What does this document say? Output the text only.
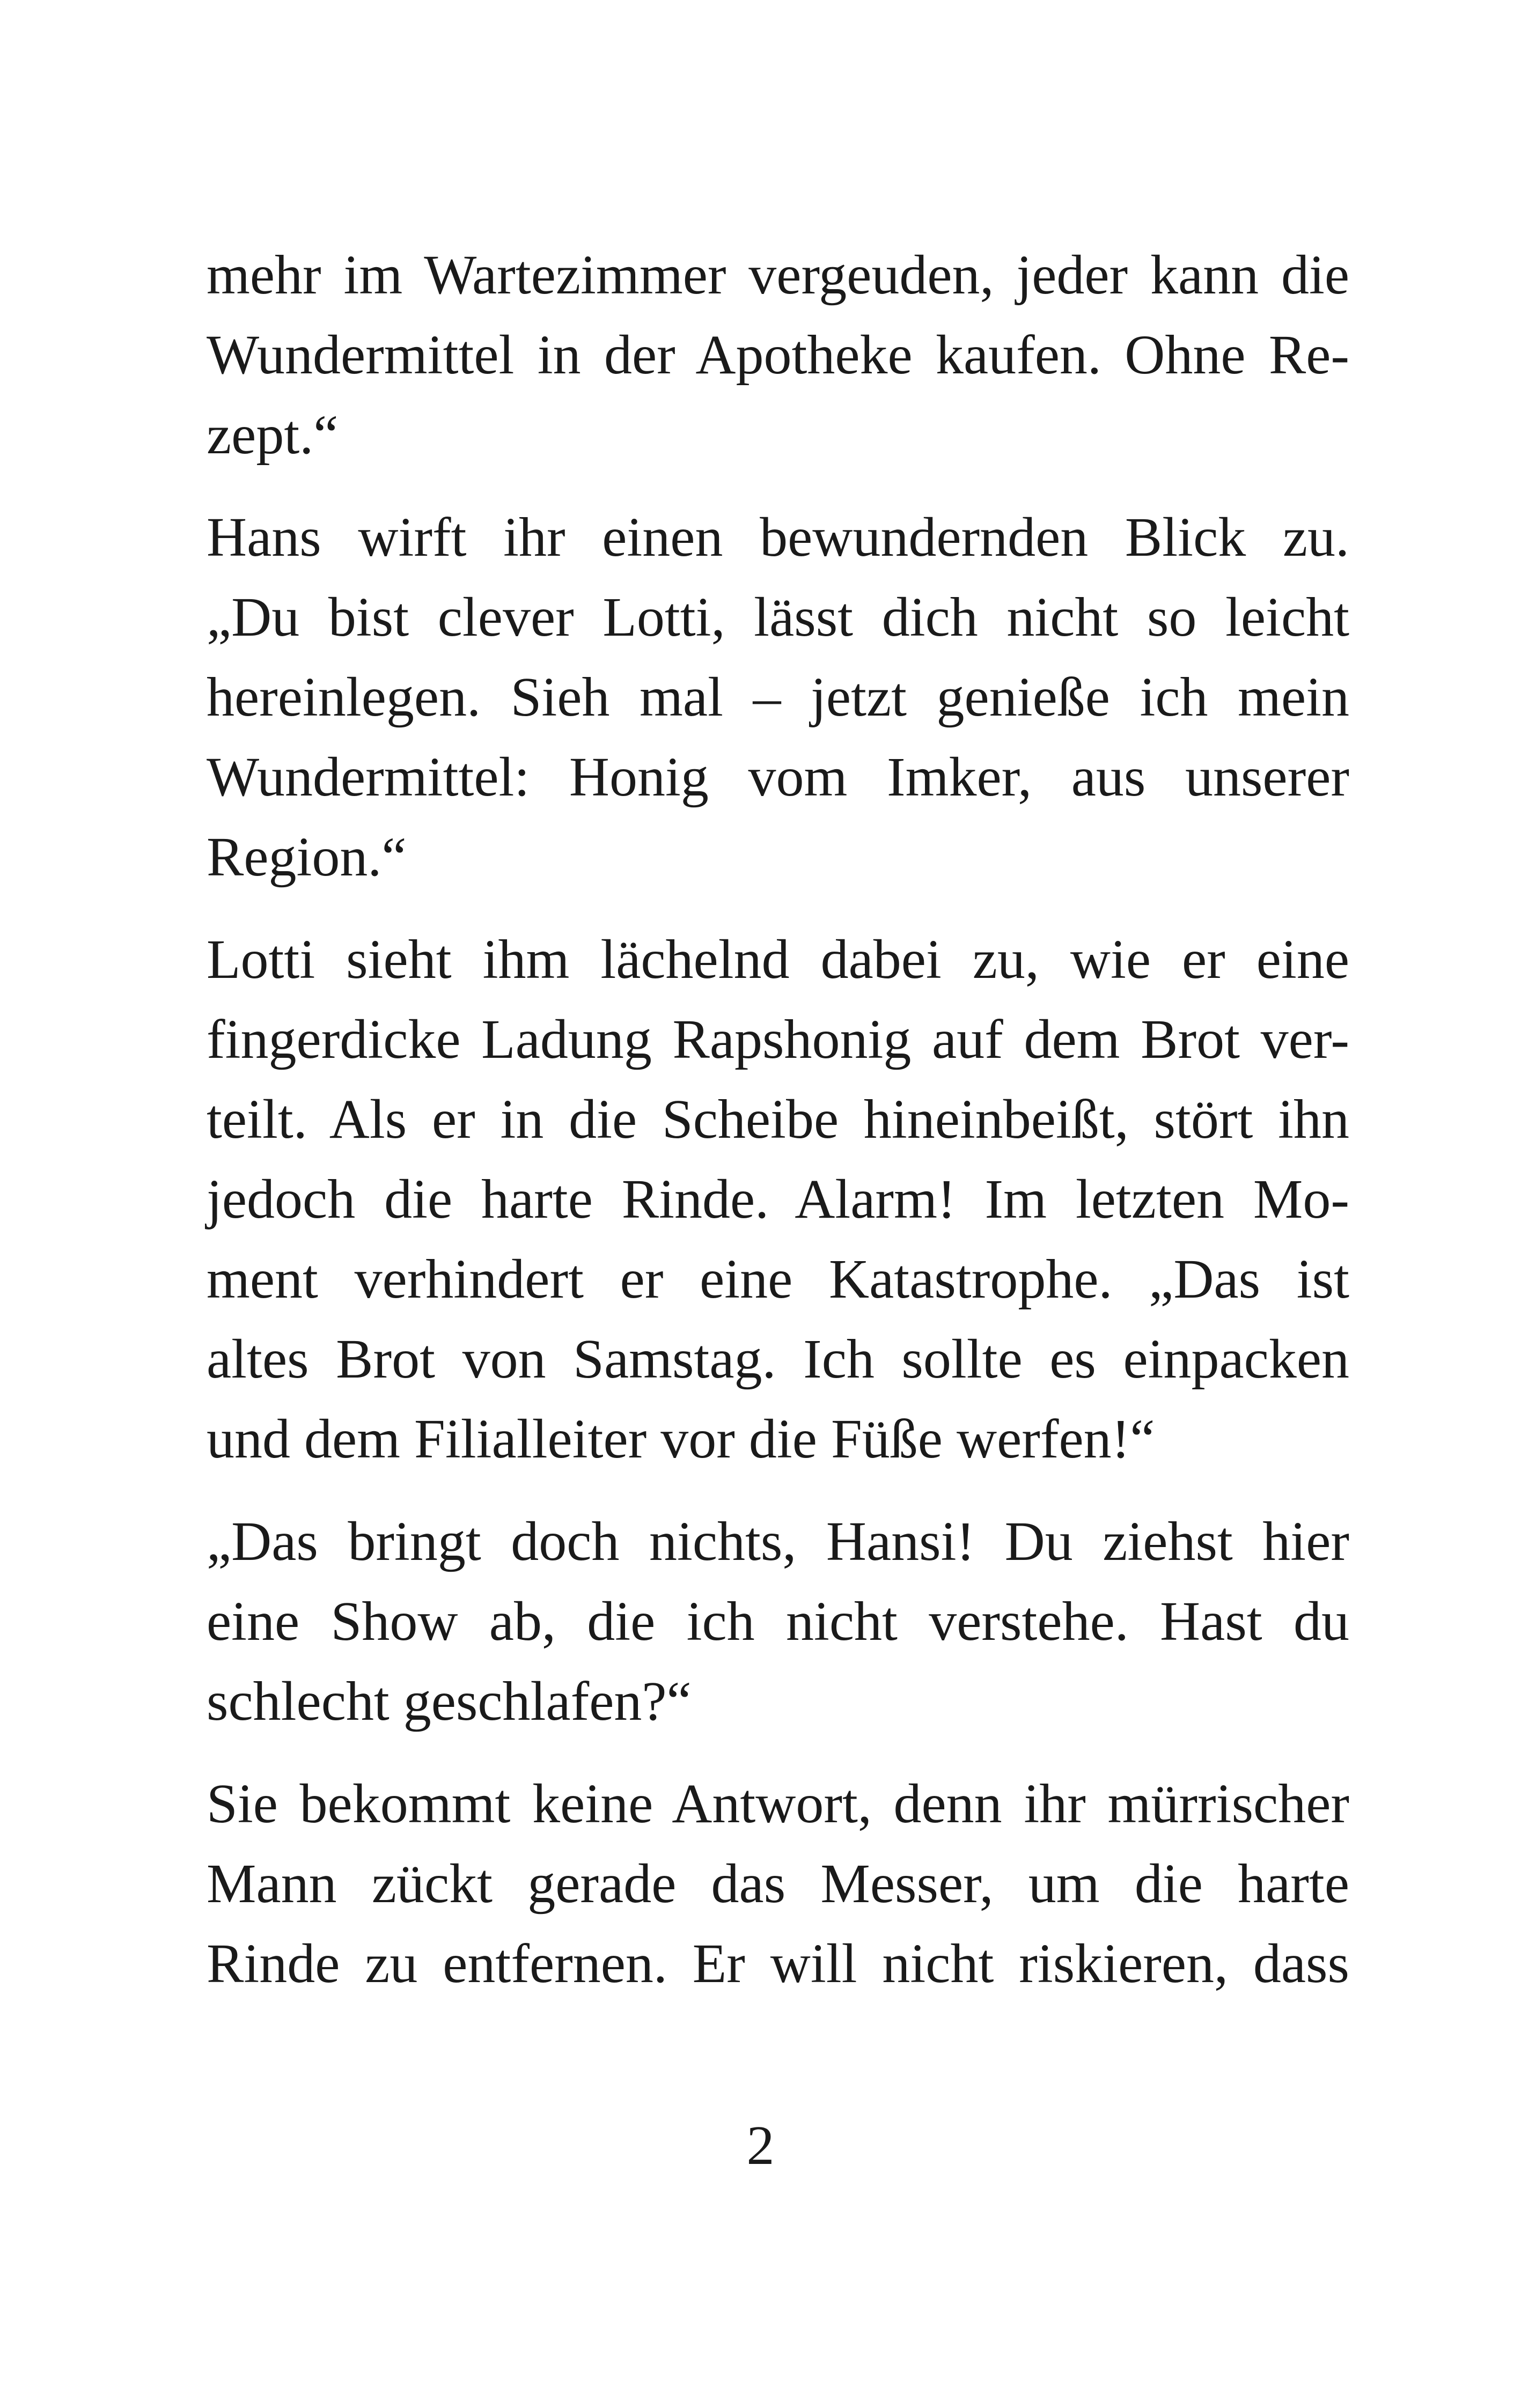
mehr im Wartezimmer vergeuden, jeder kann die
Wundermittel in der Apotheke kaufen. Ohne Re-
zept.“

Hans wirft ihr einen bewundernden Blick zu.
„Du bist clever Lotti, lässt dich nicht so leicht
hereinlegen. Sieh mal – jetzt genieße ich mein
Wundermittel: Honig vom Imker, aus unserer
Region.“

Lotti sieht ihm lächelnd dabei zu, wie er eine
fingerdicke Ladung Rapshonig auf dem Brot ver-
teilt. Als er in die Scheibe hineinbeißt, stört ihn
jedoch die harte Rinde. Alarm! Im letzten Mo-
ment verhindert er eine Katastrophe. „Das ist
altes Brot von Samstag. Ich sollte es einpacken
und dem Filialleiter vor die Füße werfen!“

„Das bringt doch nichts, Hansi! Du ziehst hier
eine Show ab, die ich nicht verstehe. Hast du
schlecht geschlafen?“

Sie bekommt keine Antwort, denn ihr mürrischer
Mann zückt gerade das Messer, um die harte
Rinde zu entfernen. Er will nicht riskieren, dass

2
